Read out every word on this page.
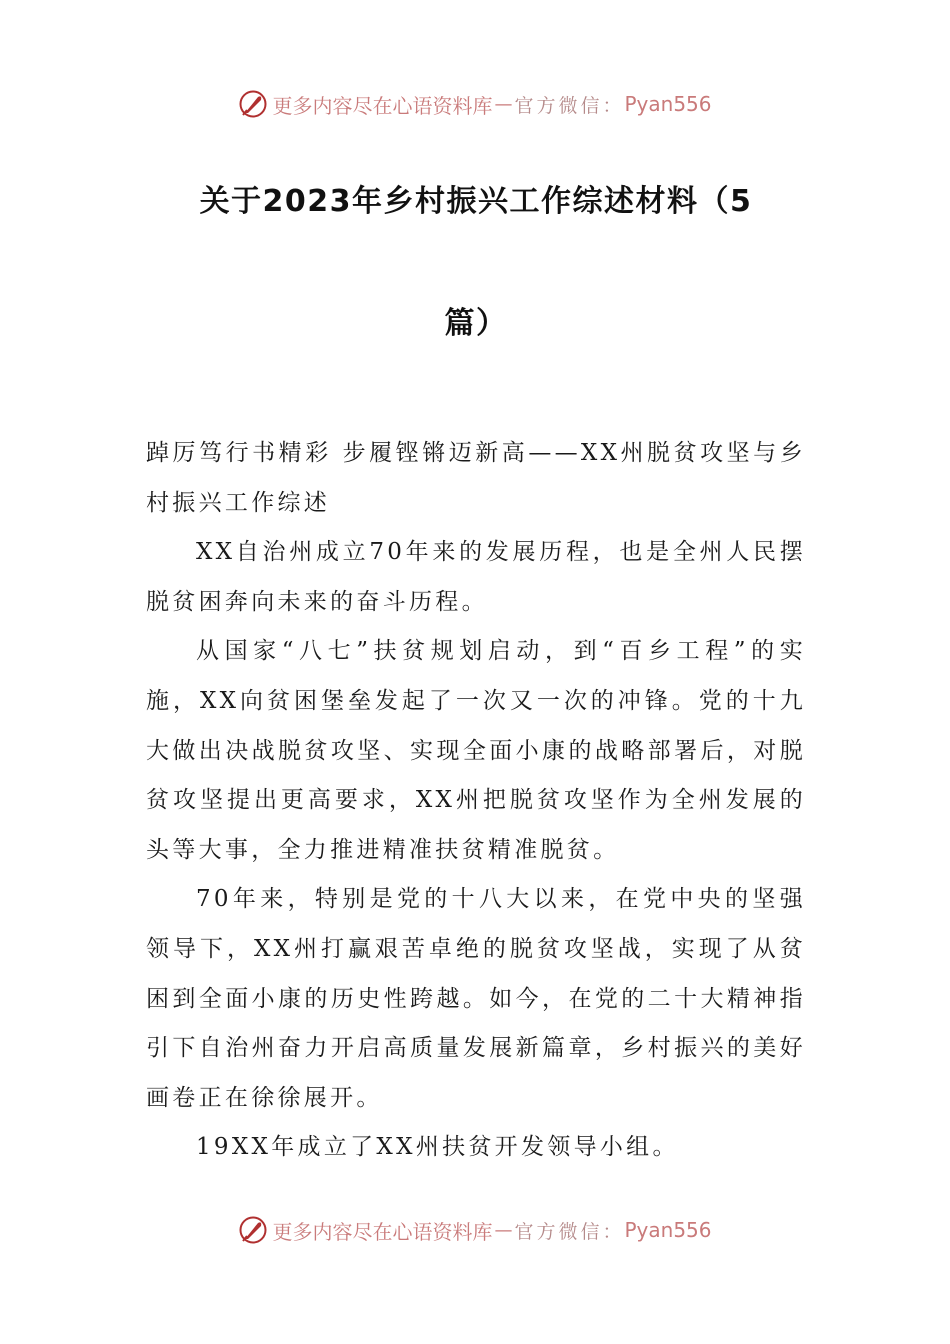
更多内容尽在心语资料库 — 官方微信： Pyan556
关于2023年乡村振兴工作综述材料（5
篇）

踔厉笃行书精彩 步履铿锵迈新高——XX州脱贫攻坚与乡村振兴工作综述

XX自治州成立70年来的发展历程，也是全州人民摆脱贫困奔向未来的奋斗历程。

从国家“八七”扶贫规划启动，到“百乡工程”的实施，XX向贫困堡垒发起了一次又一次的冲锋。党的十九大做出决战脱贫攻坚、实现全面小康的战略部署后，对脱贫攻坚提出更高要求，XX州把脱贫攻坚作为全州发展的头等大事，全力推进精准扶贫精准脱贫。

70年来，特别是党的十八大以来，在党中央的坚强领导下，XX州打赢艰苦卓绝的脱贫攻坚战，实现了从贫困到全面小康的历史性跨越。如今，在党的二十大精神指引下自治州奋力开启高质量发展新篇章，乡村振兴的美好画卷正在徐徐展开。

19XX年成立了XX州扶贫开发领导小组。

更多内容尽在心语资料库 — 官方微信： Pyan556
